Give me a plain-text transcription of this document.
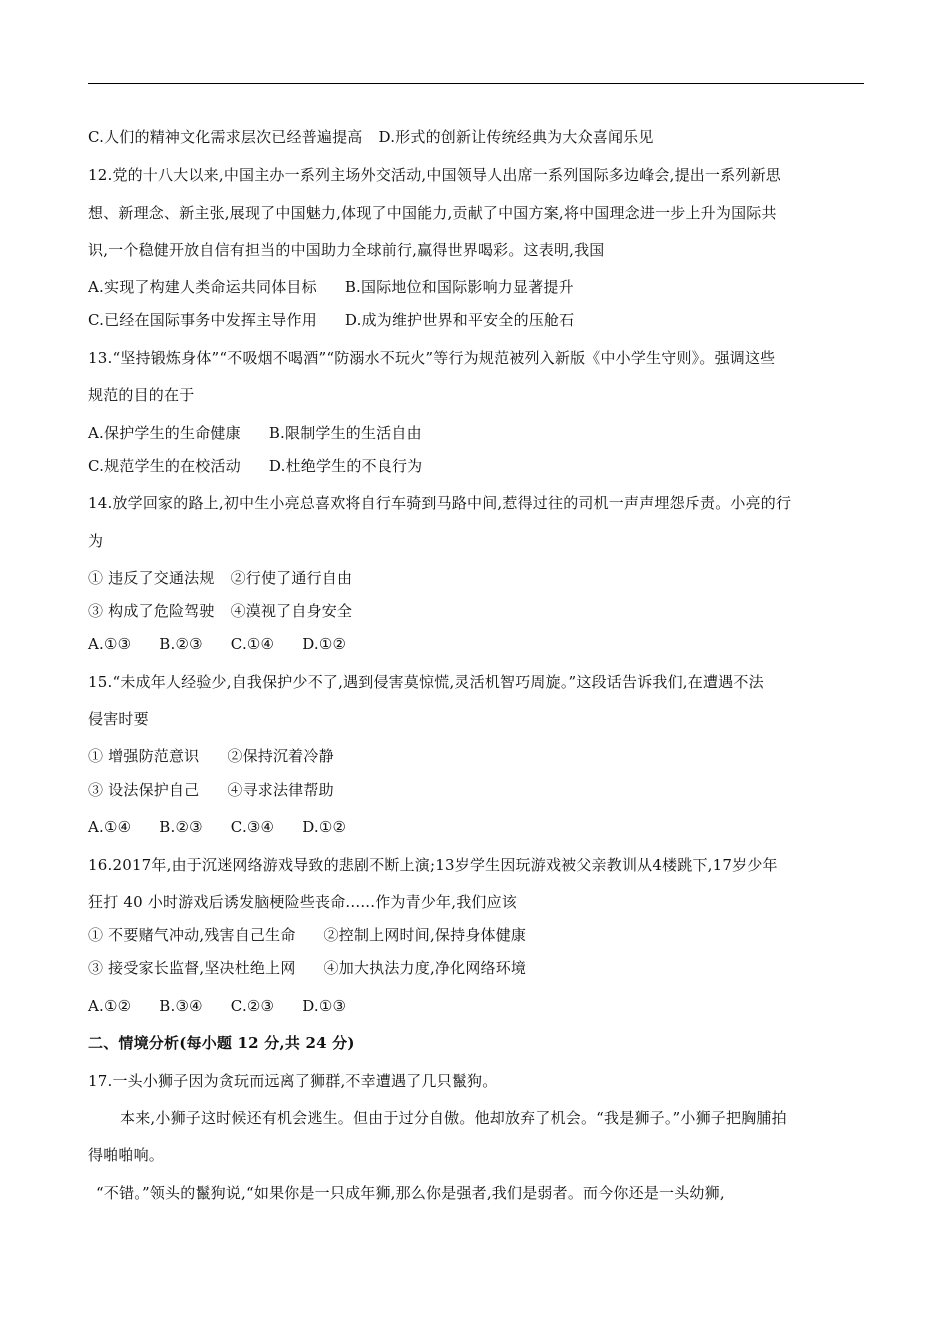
C.人们的精神文化需求层次已经普遍提高 D.形式的创新让传统经典为大众喜闻乐见
12.党的十八大以来,中国主办一系列主场外交活动,中国领导人出席一系列国际多边峰会,提出一系列新思
想、新理念、新主张,展现了中国魅力,体现了中国能力,贡献了中国方案,将中国理念进一步上升为国际共
识,一个稳健开放自信有担当的中国助力全球前行,赢得世界喝彩。这表明,我国
A.实现了构建人类命运共同体目标 B.国际地位和国际影响力显著提升
C.已经在国际事务中发挥主导作用 D.成为维护世界和平安全的压舱石
13.“坚持锻炼身体”“不吸烟不喝酒”“防溺水不玩火”等行为规范被列入新版《中小学生守则》。强调这些
规范的目的在于
A.保护学生的生命健康 B.限制学生的生活自由
C.规范学生的在校活动 D.杜绝学生的不良行为
14.放学回家的路上,初中生小亮总喜欢将自行车骑到马路中间,惹得过往的司机一声声埋怨斥责。小亮的行
为
① 违反了交通法规 ②行使了通行自由
③ 构成了危险驾驶 ④漠视了自身安全
A.①③ B.②③ C.①④ D.①②
15.“未成年人经验少,自我保护少不了,遇到侵害莫惊慌,灵活机智巧周旋。”这段话告诉我们,在遭遇不法
侵害时要
① 增强防范意识 ②保持沉着冷静
③ 设法保护自己 ④寻求法律帮助
A.①④ B.②③ C.③④ D.①②
16.2017年,由于沉迷网络游戏导致的悲剧不断上演;13岁学生因玩游戏被父亲教训从4楼跳下,17岁少年
狂打 40 小时游戏后诱发脑梗险些丧命......作为青少年,我们应该
① 不要赌气冲动,残害自己生命 ②控制上网时间,保持身体健康
③ 接受家长监督,坚决杜绝上网 ④加大执法力度,净化网络环境
A.①② B.③④ C.②③ D.①③
二、情境分析(每小题 12 分,共 24 分)
17.一头小狮子因为贪玩而远离了狮群,不幸遭遇了几只鬣狗。
本来,小狮子这时候还有机会逃生。但由于过分自傲。他却放弃了机会。“我是狮子。”小狮子把胸脯拍
得啪啪响。
“不错。”领头的鬣狗说,“如果你是一只成年狮,那么你是强者,我们是弱者。而今你还是一头幼狮,
